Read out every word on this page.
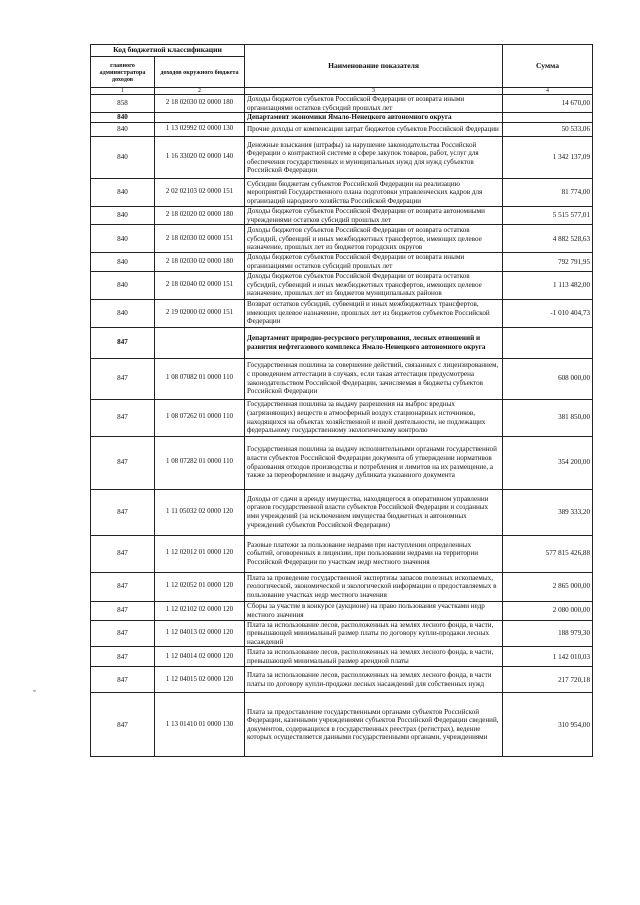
Код бюджетной классификации		Наименование показателя	Сумма
главного администратора доходов	доходов окружного бюджета		
1	2	3	4
858	2 18 02030 02 0000 180	Доходы бюджетов субъектов Российской Федерации от возврата иными организациями остатков субсидий прошлых лет	14 670,00
840		Департамент экономики Ямало-Ненецкого автономного округа	
840	1 13 02992 02 0000 130	Прочие доходы от компенсации затрат бюджетов субъектов Российской Федерации	50 533,06
840	1 16 33020 02 0000 140	Денежные взыскания (штрафы) за нарушение законодательства Российской Федерации о контрактной системе в сфере закупок товаров, работ, услуг для обеспечения государственных и муниципальных нужд для нужд субъектов Российской Федерации	1 342 137,09
840	2 02 02103 02 0000 151	Субсидии бюджетам субъектов Российской Федерации на реализацию мероприятий Государственного плана подготовки управленческих кадров для организаций народного хозяйства Российской Федерации	81 774,00
840	2 18 02020 02 0000 180	Доходы бюджетов субъектов Российской Федерации от возврата автономными учреждениями остатков субсидий прошлых лет	5 515 577,01
840	2 18 02030 02 0000 151	Доходы бюджетов субъектов Российской Федерации от возврата остатков субсидий, субвенций и иных межбюджетных трансфертов, имеющих целевое назначение, прошлых лет из бюджетов городских округов	4 882 528,63
840	2 18 02030 02 0000 180	Доходы бюджетов субъектов Российской Федерации от возврата иными организациями остатков субсидий прошлых лет	792 791,95
840	2 18 02040 02 0000 151	Доходы бюджетов субъектов Российской Федерации от возврата остатков субсидий, субвенций и иных межбюджетных трансфертов, имеющих целевое назначение, прошлых лет из бюджетов муниципальных районов	1 113 482,00
840	2 19 02000 02 0000 151	Возврат остатков субсидий, субвенций и иных межбюджетных трансфертов, имеющих целевое назначение, прошлых лет из бюджетов субъектов Российской Федерации	-1 010 404,73
847		Департамент природно-ресурсного регулирования, лесных отношений и развития нефтегазового комплекса Ямало-Ненецкого автономного округа	
847	1 08 07082 01 0000 110	Государственная пошлина за совершение действий, связанных с лицензированием, с проведением аттестации в случаях, если такая аттестация предусмотрена законодательством Российской Федерации, зачисляемая в бюджеты субъектов Российской Федерации	608 000,00
847	1 08 07262 01 0000 110	Государственная пошлина за выдачу разрешения на выброс вредных (загрязняющих) веществ в атмосферный воздух стационарных источников, находящихся на объектах хозяйственной и иной деятельности, не подлежащих федеральному государственному экологическому контролю	381 850,00
847	1 08 07282 01 0000 110	Государственная пошлина за выдачу исполнительными органами государственной власти субъектов Российской Федерации документа об утверждении нормативов образования отходов производства и потребления и лимитов на их размещение, а также за переоформление и выдачу дубликата указанного документа	354 200,00
847	1 11 05032 02 0000 120	Доходы от сдачи в аренду имущества, находящегося в оперативном управлении органов государственной власти субъектов Российской Федерации и созданных ими учреждений (за исключением имущества бюджетных и автономных учреждений субъектов Российской Федерации)	389 333,20
847	1 12 02012 01 0000 120	Разовые платежи за пользование недрами при наступлении определенных событий, оговоренных в лицензии, при пользовании недрами на территории Российской Федерации по участкам недр местного значения	577 815 426,88
847	1 12 02052 01 0000 120	Плата за проведение государственной экспертизы запасов полезных ископаемых, геологической, экономической и экологической информации о предоставляемых в пользование участках недр местного значения	2 865 000,00
847	1 12 02102 02 0000 120	Сборы за участие в конкурсе (аукционе) на право пользования участками недр местного значения	2 080 000,00
847	1 12 04013 02 0000 120	Плата за использование лесов, расположенных на землях лесного фонда, в части, превышающей минимальный размер платы по договору купли-продажи лесных насаждений	188 979,30
847	1 12 04014 02 0000 120	Плата за использование лесов, расположенных на землях лесного фонда, в части, превышающей минимальный размер арендной платы	1 142 010,03
847	1 12 04015 02 0000 120	Плата за использование лесов, расположенных на землях лесного фонда, в части платы по договору купли-продажи лесных насаждений для собственных нужд	217 720,18
847	1 13 01410 01 0000 130	Плата за предоставление государственными органами субъектов Российской Федерации, казенными учреждениями субъектов Российской Федерации сведений, документов, содержащихся в государственных реестрах (регистрах), ведение которых осуществляется данными государственными органами, учреждениями	310 954,00
«
